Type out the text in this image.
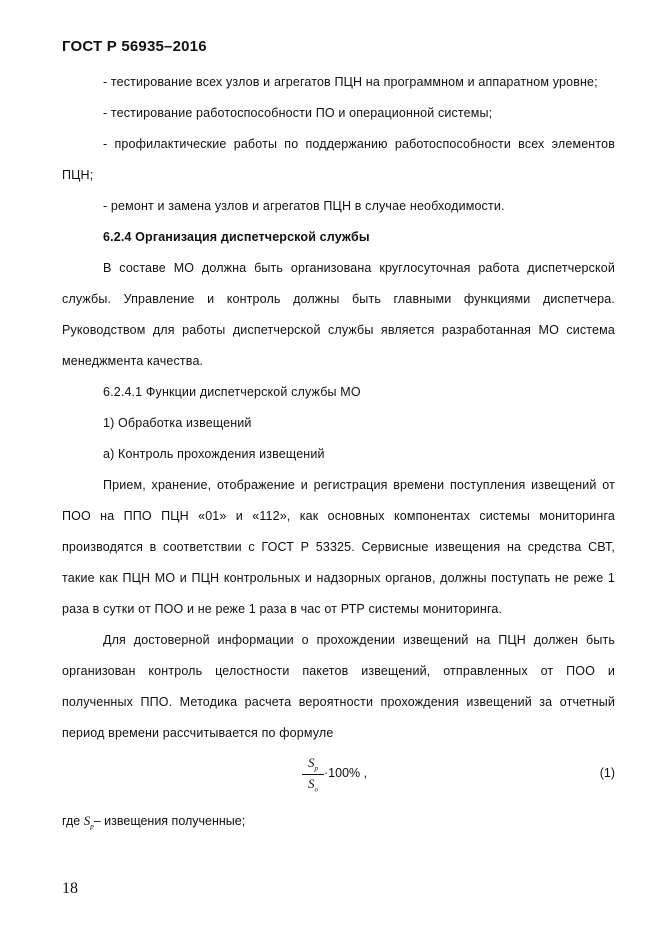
ГОСТ Р 56935–2016

- тестирование всех узлов и агрегатов ПЦН на программном и аппаратном уровне;

- тестирование работоспособности ПО и операционной системы;

- профилактические работы по поддержанию работоспособности всех элементов ПЦН;

- ремонт и замена узлов и агрегатов ПЦН в случае необходимости.

6.2.4 Организация диспетчерской службы

В составе МО должна быть организована круглосуточная работа диспетчерской службы. Управление и контроль должны быть главными функциями диспетчера. Руководством для работы диспетчерской службы является разработанная МО система менеджмента качества.

6.2.4.1 Функции диспетчерской службы МО

1) Обработка извещений

а) Контроль прохождения извещений

Прием, хранение, отображение и регистрация времени поступления извещений от ПОО на ППО ПЦН «01» и «112», как основных компонентах системы мониторинга производятся в соответствии с ГОСТ Р 53325. Сервисные извещения на средства СВТ, такие как ПЦН МО и ПЦН контрольных и надзорных органов, должны поступать не реже 1 раза в сутки от ПОО и не реже 1 раза в час от РТР системы мониторинга.

Для достоверной информации о прохождении извещений на ПЦН должен быть организован контроль целостности пакетов извещений, отправленных от ПОО и полученных ППО. Методика расчета вероятности прохождения извещений за отчетный период времени рассчитывается по формуле

$\frac{S_p}{S_o} \cdot 100\%$ ,	(1)

где $S_p-$ извещения полученные;

18
